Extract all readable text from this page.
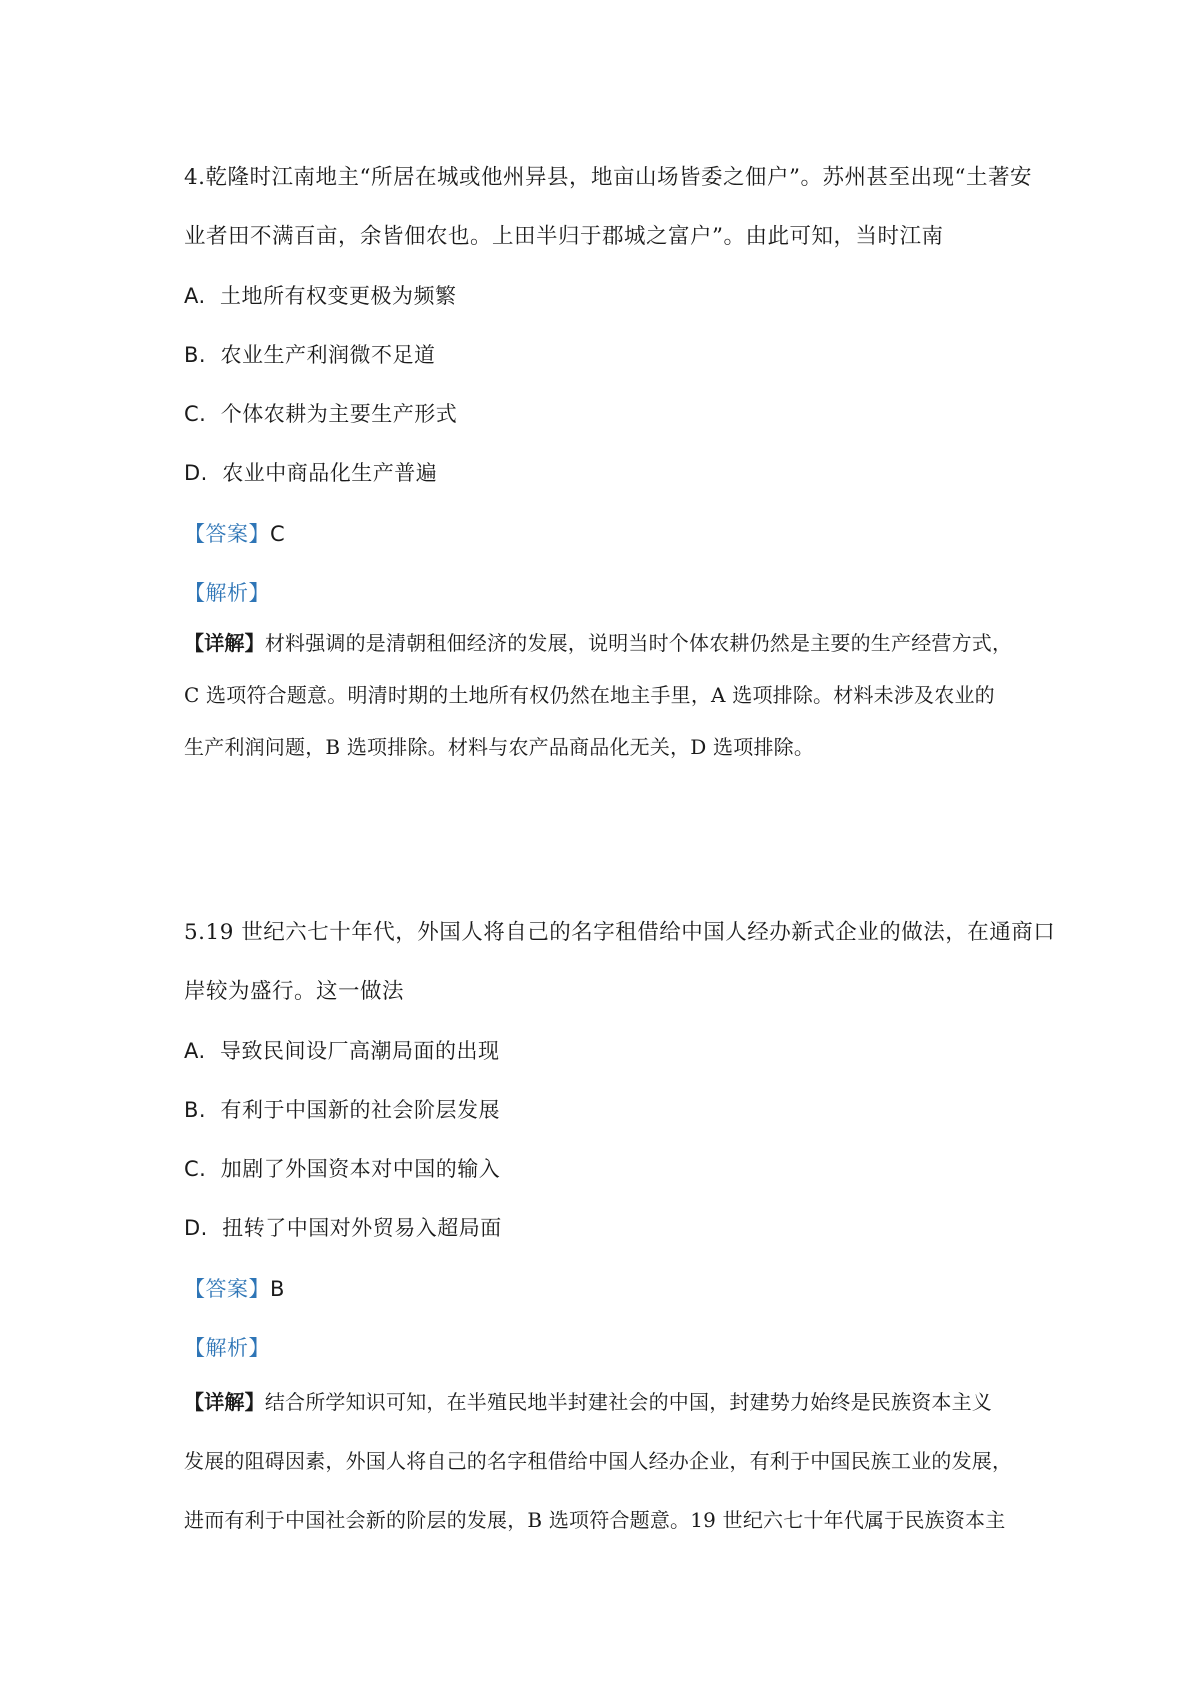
4.乾隆时江南地主“所居在城或他州异县，地亩山场皆委之佃户”。苏州甚至出现“土著安
业者田不满百亩，余皆佃农也。上田半归于郡城之富户”。由此可知，当时江南
A. 土地所有权变更极为频繁
B. 农业生产利润微不足道
C. 个体农耕为主要生产形式
D. 农业中商品化生产普遍
【答案】C
【解析】
【详解】材料强调的是清朝租佃经济的发展，说明当时个体农耕仍然是主要的生产经营方式，
C 选项符合题意。明清时期的土地所有权仍然在地主手里，A 选项排除。材料未涉及农业的
生产利润问题，B 选项排除。材料与农产品商品化无关，D 选项排除。
5.19 世纪六七十年代，外国人将自己的名字租借给中国人经办新式企业的做法，在通商口
岸较为盛行。这一做法
A. 导致民间设厂高潮局面的出现
B. 有利于中国新的社会阶层发展
C. 加剧了外国资本对中国的输入
D. 扭转了中国对外贸易入超局面
【答案】B
【解析】
【详解】结合所学知识可知，在半殖民地半封建社会的中国，封建势力始终是民族资本主义
发展的阻碍因素，外国人将自己的名字租借给中国人经办企业，有利于中国民族工业的发展，
进而有利于中国社会新的阶层的发展，B 选项符合题意。19 世纪六七十年代属于民族资本主
